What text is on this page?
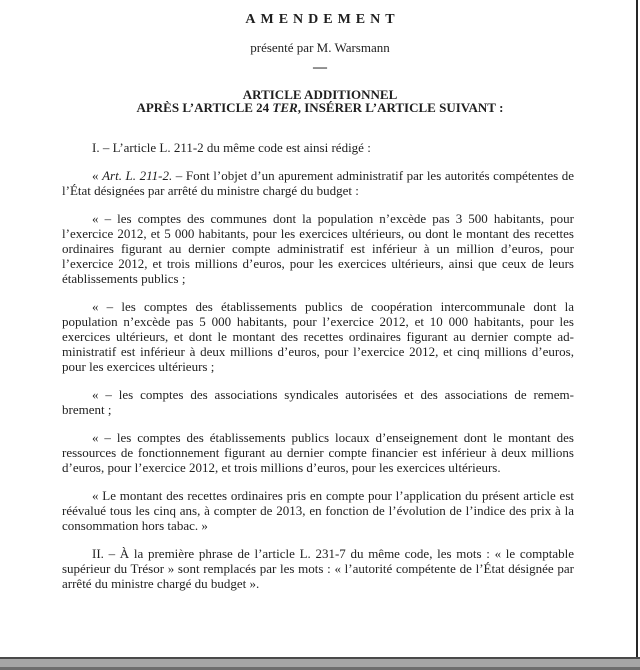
AMENDEMENT

présenté par M. Warsmann

—
ARTICLE ADDITIONNEL
APRÈS L’ARTICLE 24 TER, INSÉRER L’ARTICLE SUIVANT :

I. – L’article L. 211-2 du même code est ainsi rédigé :

« Art. L. 211-2. – Font l’objet d’un apurement administratif par les autorités compétentes de l’État désignées par arrêté du ministre chargé du budget :

« – les comptes des communes dont la population n’excède pas 3 500 habitants, pour l’exercice 2012, et 5 000 habitants, pour les exercices ultérieurs, ou dont le montant des recettes ordinaires figurant au dernier compte administratif est inférieur à un million d’euros, pour l’exercice 2012, et trois millions d’euros, pour les exercices ultérieurs, ainsi que ceux de leurs établissements publics ;

« – les comptes des établissements publics de coopération intercommunale dont la population n’excède pas 5 000 habitants, pour l’exercice 2012, et 10 000 habitants, pour les exercices ultérieurs, et dont le montant des recettes ordinaires figurant au dernier compte administratif est inférieur à deux millions d’euros, pour l’exercice 2012, et cinq millions d’euros, pour les exercices ultérieurs ;

« – les comptes des associations syndicales autorisées et des associations de remembrement ;

« – les comptes des établissements publics locaux d’enseignement dont le montant des ressources de fonctionnement figurant au dernier compte financier est inférieur à deux millions d’euros, pour l’exercice 2012, et trois millions d’euros, pour les exercices ultérieurs.

« Le montant des recettes ordinaires pris en compte pour l’application du présent article est réévalué tous les cinq ans, à compter de 2013, en fonction de l’évolution de l’indice des prix à la consommation hors tabac. »

II. – À la première phrase de l’article L. 231-7 du même code, les mots : « le comptable supérieur du Trésor » sont remplacés par les mots : « l’autorité compétente de l’État désignée par arrêté du ministre chargé du budget ».
